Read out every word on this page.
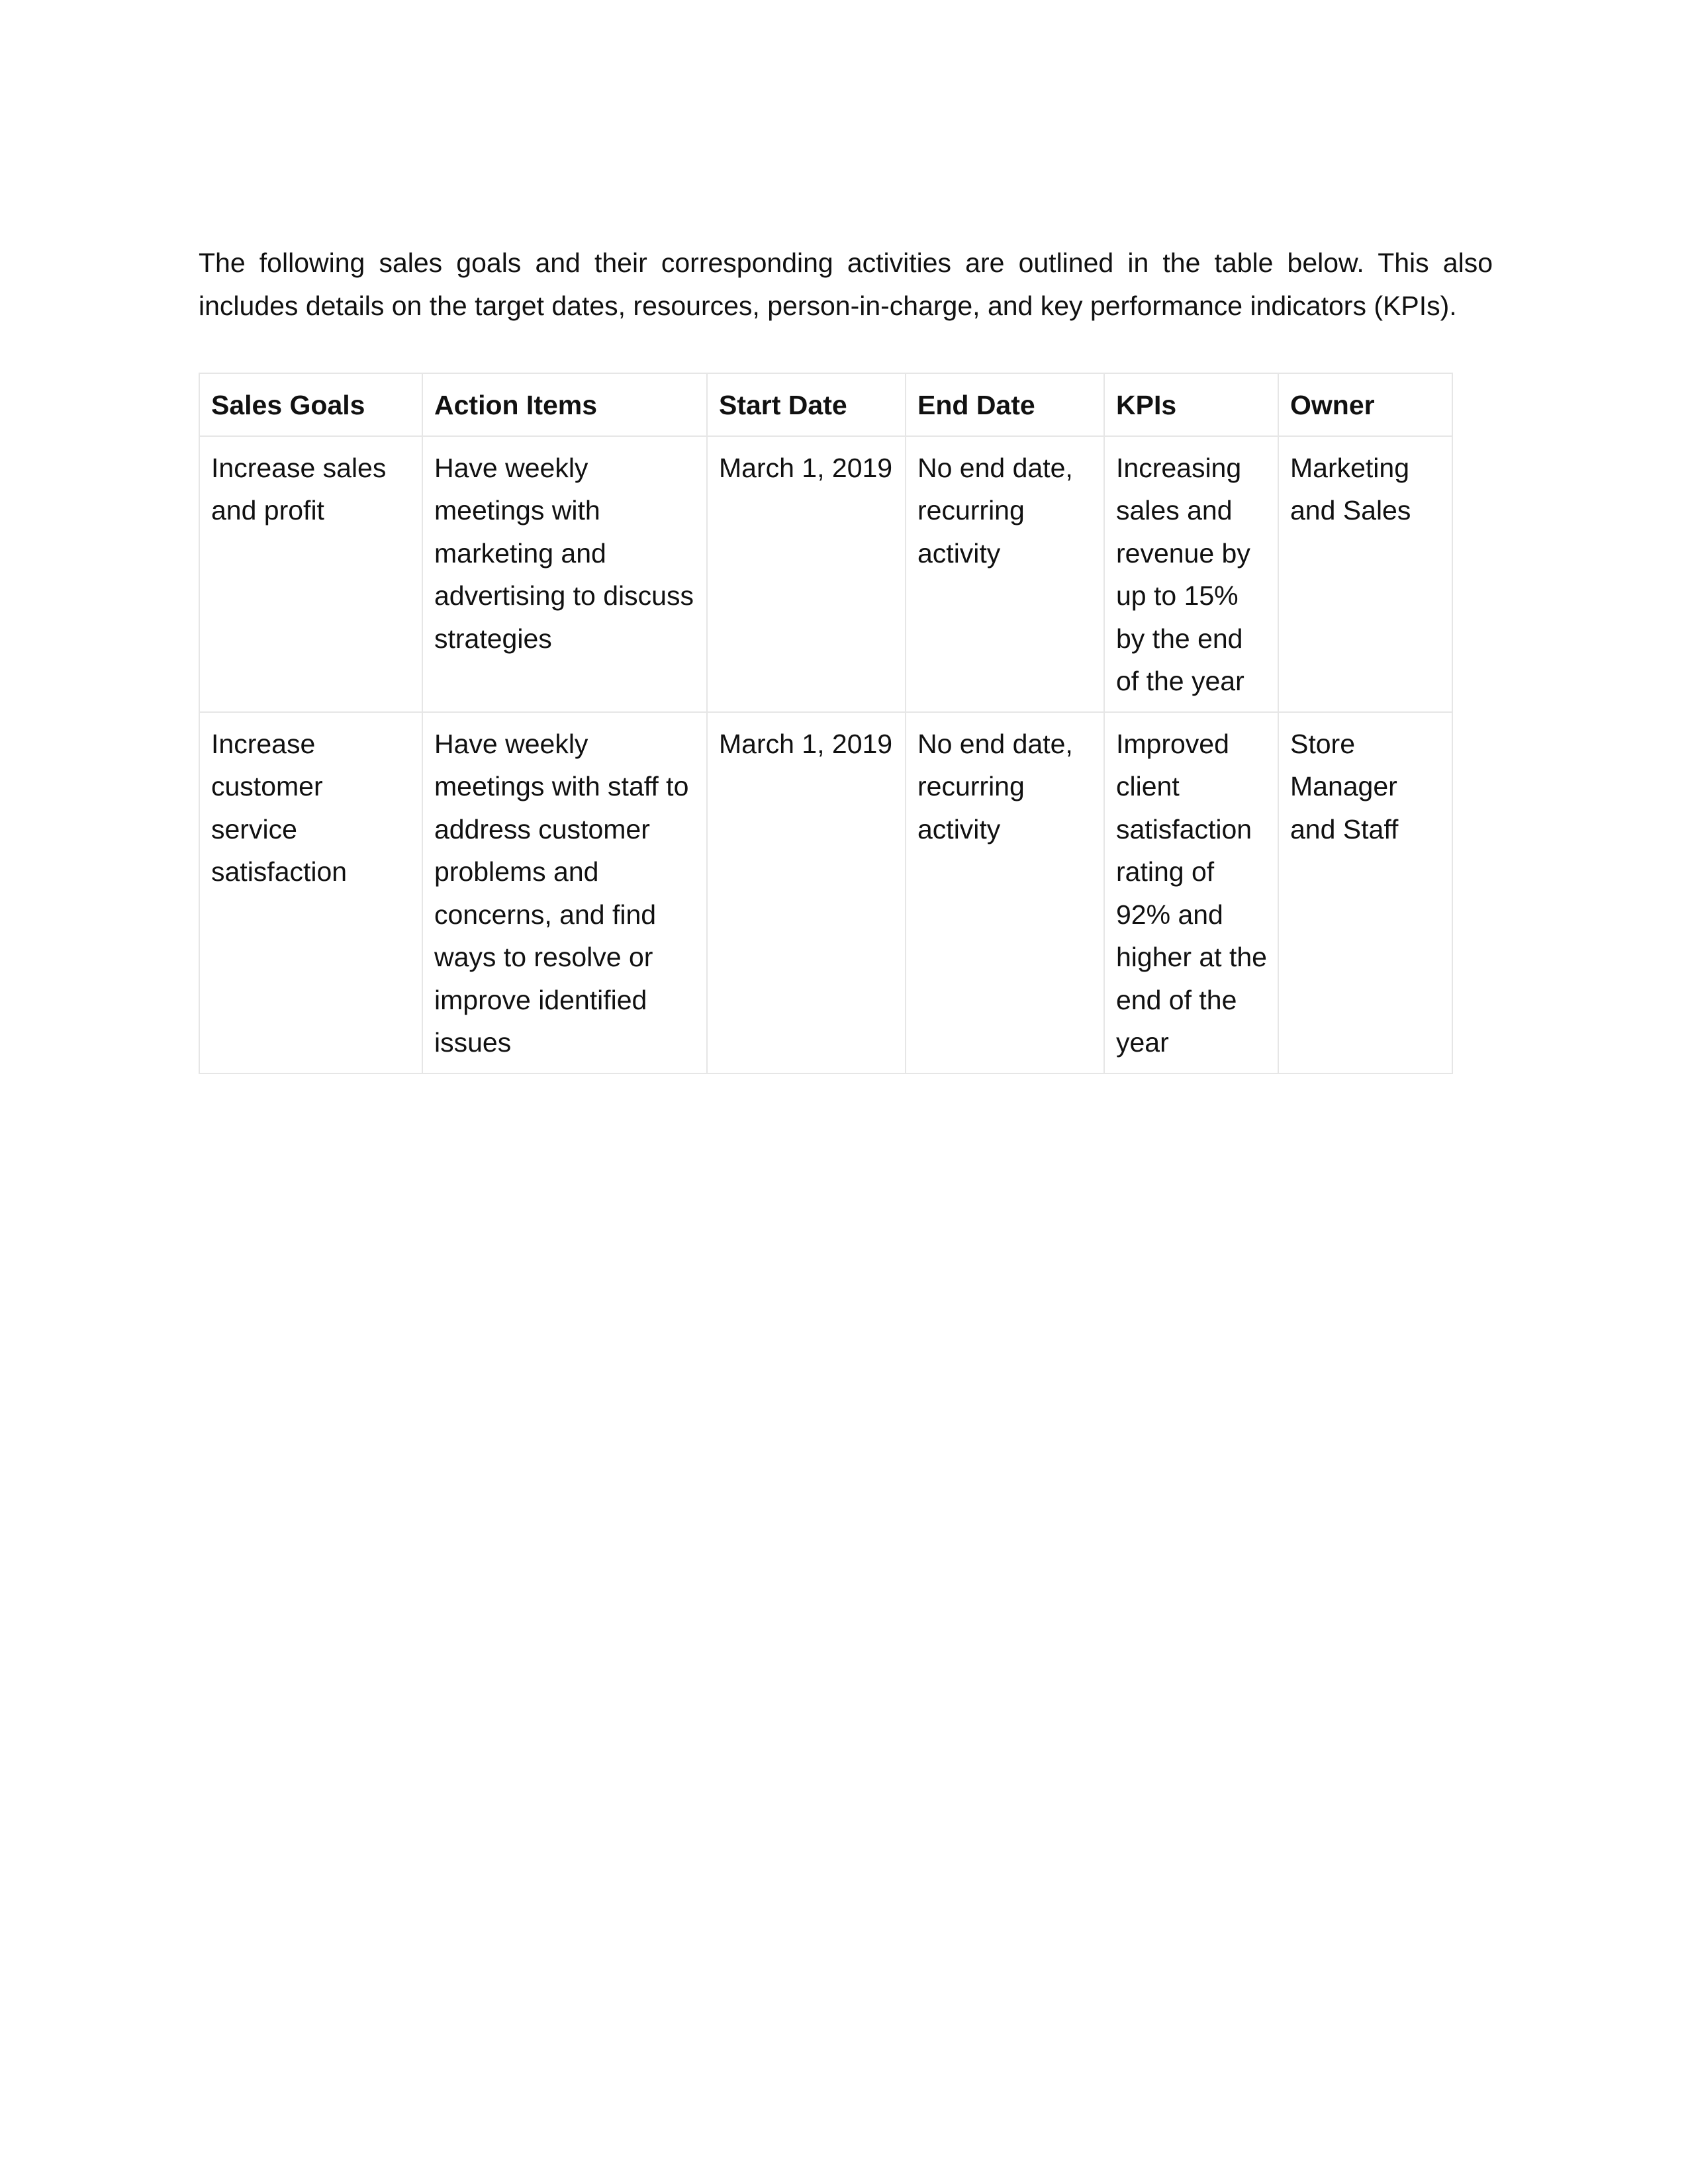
The following sales goals and their corresponding activities are outlined in the table below. This also includes details on the target dates, resources, person-in-charge, and key performance indicators (KPIs).

Sales Goals	Action Items	Start Date	End Date	KPIs	Owner
Increase sales and profit	Have weekly meetings with marketing and advertising to discuss strategies	March 1, 2019	No end date, recurring activity	Increasing sales and revenue by up to 15% by the end of the year	Marketing and Sales
Increase customer service satisfaction	Have weekly meetings with staff to address customer problems and concerns, and find ways to resolve or improve identified issues	March 1, 2019	No end date, recurring activity	Improved client satisfaction rating of 92% and higher at the end of the year	Store Manager and Staff
